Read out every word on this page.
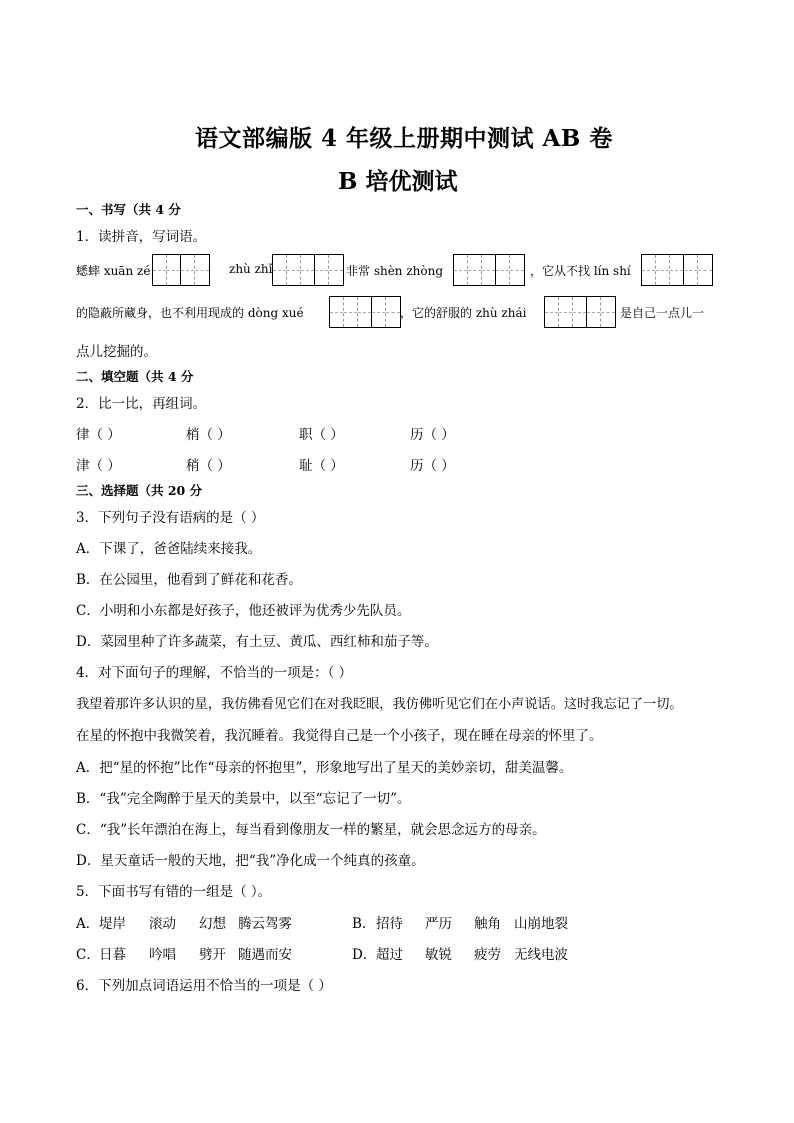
语文部编版 4 年级上册期中测试 AB 卷
B 培优测试
一、书写（共 4 分
1．读拼音，写词语。
蟋蟀 xuān zé	zhù zhǐ	非常 shèn zhòng	，它从不找 lín shí
的隐蔽所藏身，也不利用现成的 dòng xué	，它的舒服的 zhù zhái	是自己一点儿一
点儿挖掘的。
二、填空题（共 4 分
2．比一比，再组词。
律（ ）	梢（ ）	职（ ）	历（ ）
津（ ）	稍（ ）	耻（ ）	历（ ）
三、选择题（共 20 分
3．下列句子没有语病的是（ ）
A．下课了，爸爸陆续来接我。
B．在公园里，他看到了鲜花和花香。
C．小明和小东都是好孩子，他还被评为优秀少先队员。
D．菜园里种了许多蔬菜，有土豆、黄瓜、西红柿和茄子等。
4．对下面句子的理解，不恰当的一项是：（ ）
我望着那许多认识的星，我仿佛看见它们在对我眨眼，我仿佛听见它们在小声说话。这时我忘记了一切。
在星的怀抱中我微笑着，我沉睡着。我觉得自己是一个小孩子，现在睡在母亲的怀里了。
A．把“星的怀抱”比作“母亲的怀抱里”，形象地写出了星天的美妙亲切，甜美温馨。
B．“我”完全陶醉于星天的美景中，以至“忘记了一切”。
C．“我”长年漂泊在海上，每当看到像朋友一样的繁星，就会思念远方的母亲。
D．星天童话一般的天地，把“我”净化成一个纯真的孩童。
5．下面书写有错的一组是（ ）。
A． 堤岸 滚动 幻想 腾云驾雾	B． 招待 严历 触角 山崩地裂
C． 日暮 吟唱 劈开 随遇而安	D． 超过 敏锐 疲劳 无线电波
6．下列加点词语运用不恰当的一项是（ ）
